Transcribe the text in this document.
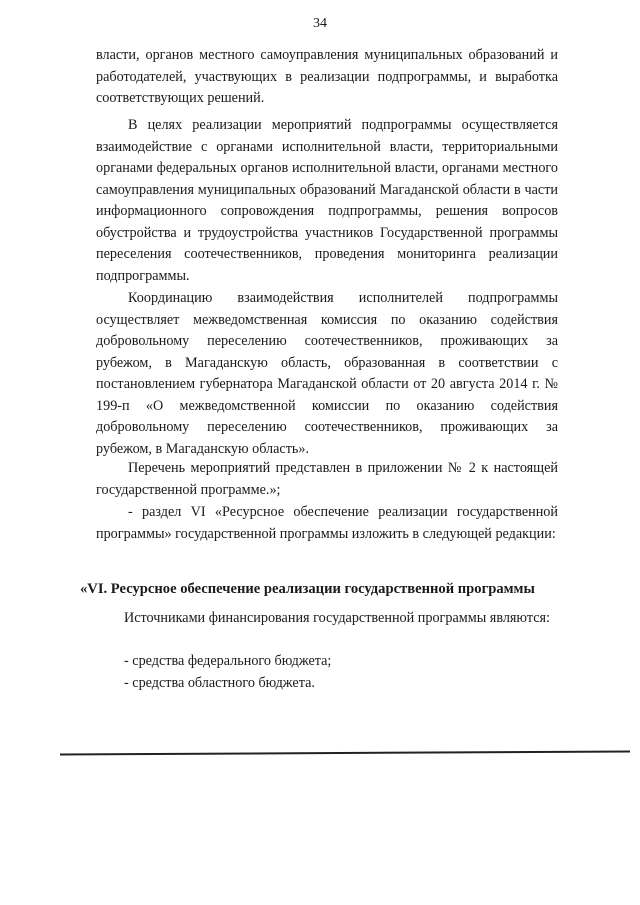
34

власти, органов местного самоуправления муниципальных образований и работодателей, участвующих в реализации подпрограммы, и выработка соответствующих решений.

В целях реализации мероприятий подпрограммы осуществляется взаимодействие с органами исполнительной власти, территориальными органами федеральных органов исполнительной власти, органами местного самоуправления муниципальных образований Магаданской области в части информационного сопровождения подпрограммы, решения вопросов обустройства и трудоустройства участников Государственной программы переселения соотечественников, проведения мониторинга реализации подпрограммы.

Координацию взаимодействия исполнителей подпрограммы осуществляет межведомственная комиссия по оказанию содействия добровольному переселению соотечественников, проживающих за рубежом, в Магаданскую область, образованная в соответствии с постановлением губернатора Магаданской области от 20 августа 2014 г. № 199-п «О межведомственной комиссии по оказанию содействия добровольному переселению соотечественников, проживающих за рубежом, в Магаданскую область».

Перечень мероприятий представлен в приложении № 2 к настоящей государственной программе.»;

- раздел VI «Ресурсное обеспечение реализации государственной программы» государственной программы изложить в следующей редакции:

«VI. Ресурсное обеспечение реализации государственной программы

Источниками финансирования государственной программы являются:

- средства федерального бюджета;
- средства областного бюджета.
